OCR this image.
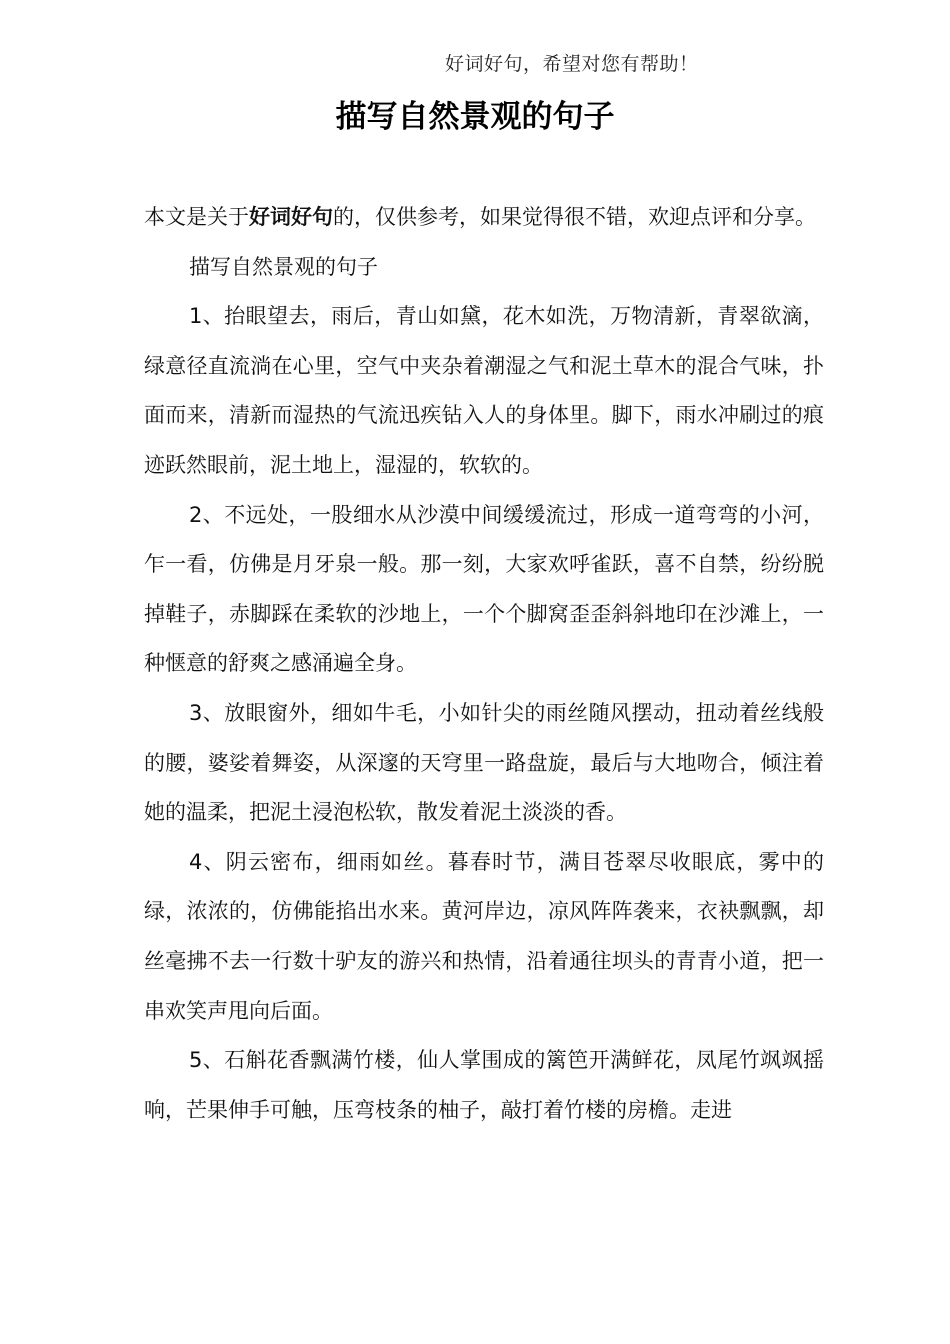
好词好句，希望对您有帮助！
描写自然景观的句子

本文是关于好词好句的，仅供参考，如果觉得很不错，欢迎点评和分享。

描写自然景观的句子

1、抬眼望去，雨后，青山如黛，花木如洗，万物清新，青翠欲滴，绿意径直流淌在心里，空气中夹杂着潮湿之气和泥土草木的混合气味，扑面而来，清新而湿热的气流迅疾钻入人的身体里。脚下，雨水冲刷过的痕迹跃然眼前，泥土地上，湿湿的，软软的。

2、不远处，一股细水从沙漠中间缓缓流过，形成一道弯弯的小河，乍一看，仿佛是月牙泉一般。那一刻，大家欢呼雀跃，喜不自禁，纷纷脱掉鞋子，赤脚踩在柔软的沙地上，一个个脚窝歪歪斜斜地印在沙滩上，一种惬意的舒爽之感涌遍全身。

3、放眼窗外，细如牛毛，小如针尖的雨丝随风摆动，扭动着丝线般的腰，婆娑着舞姿，从深邃的天穹里一路盘旋，最后与大地吻合，倾注着她的温柔，把泥土浸泡松软，散发着泥土淡淡的香。

4、阴云密布，细雨如丝。暮春时节，满目苍翠尽收眼底，雾中的绿，浓浓的，仿佛能掐出水来。黄河岸边，凉风阵阵袭来，衣袂飘飘，却丝毫拂不去一行数十驴友的游兴和热情，沿着通往坝头的青青小道，把一串欢笑声甩向后面。

5、石斛花香飘满竹楼，仙人掌围成的篱笆开满鲜花，凤尾竹飒飒摇响，芒果伸手可触，压弯枝条的柚子，敲打着竹楼的房檐。走进
